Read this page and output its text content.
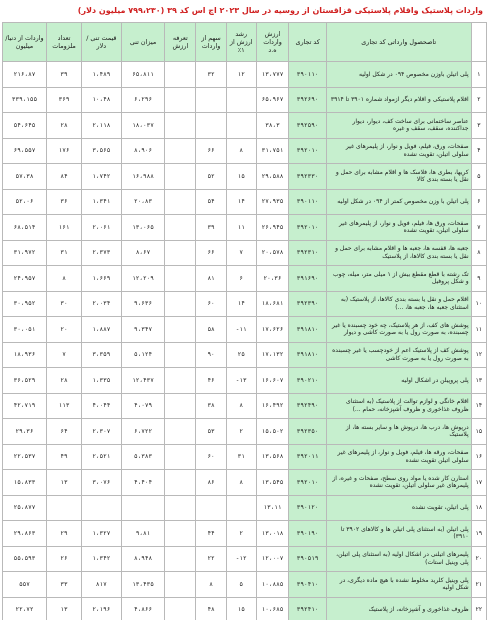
واردات پلاستیک واقلام پلاستیکی قزاقستان از روسیه در سال ۲۰۲۳ اچ اس کد ۳۹ (۷۹۹،۲۳۰ میلیون دلار)
	تاصحصول وارداتی کد تجاری	کد تجاری	ارزش واردات ه.د	رشد ارزش از ۱٪	سهم از واردات	تعرفه ارزش	میزان تنی	قیمت تنی / دلار	تعداد ملزومات	واردات از دنیا/میلیون
۱	پلی اتیلن باوزن مخصوص ۰۹۴ در شکل اولیه	۳۹۰۱۱۰	۱۳،۷۷۷	۱۲	۳۲		۶۵،۸۱۱	۱،۴۸۹	۳۹	۲۱۶،۸۷
۲	اقلام پلاستیکی و اقلام دیگر ازمواد شماره ۳۹۰۱ تا ۳۹۱۴	۳۹۲۶۹۰	۶۵،۹۶۷				۶،۲۹۶	۱۰،۴۸	۳۶۹	۳۳۹،۱۵۵
۳	عناصر ساختمانی برای ساخت کف، دیوار، دیوار جداکننده، سقف، سقف و غیره	۳۹۲۵۹۰	۳۸،۳				۱۸،۰۳۷	۲،۱۱۸	۲۸	۵۴،۶۴۵
۴	صفحات، ورق، فیلم، فویل و نوار، از پلیمرهای غیر سلولی اتیلن، تقویت نشده	۳۹۲۰۱۰	۳۱،۷۵۱	۸	۶۶		۸،۹۰۶	۳،۵۶۵	۱۷۶	۶۹،۵۵۷
۵	کریها، بطری ها، فلاسک ها و اقلام مشابه برای حمل و نقل یا بسته بندی کالا	۳۹۲۳۳۰	۲۹،۵۸۸	۱۵	۵۲		۱۶،۹۸۸	۱،۷۴۲	۸۴	۵۷،۳۸
۶	پلی اتیلن با وزن مخصوص کمتر از ۰۹۴ در شکل اولیه	۳۹۰۱۱۰	۲۷،۹۳۵	۱۴	۵۴		۲۰،۸۳	۱،۳۴۱	۳۶	۵۲،۰۶
۷	صفحات، ورق ها، فیلم، فویل و نوار، از پلیمرهای غیر سلولی اتیلن، تقویت نشده	۳۹۲۰۱۰	۲۶،۹۴۵	۱۱	۳۹		۱۳،۰۶۵	۲،۰۶۱	۱۶۱	۶۸،۵۱۴
۸	جعبه ها، قفسه ها، جعبه ها و اقلام مشابه برای حمل و نقل یا بسته بندی کالاها، از پلاستیک	۳۹۲۳۱۰	۲۰،۵۷۸	۷	۶۶		۸،۶۷	۲،۳۷۳	۳۱	۳۱،۹۷۲
۹	تک رشته با قطع مقطع بیش از ۱ میلی متر، میله، چوب و شکل پروفیل	۳۹۱۶۹۰	۲۰،۳۶	۶	۸۱		۱۲،۲۰۹	۱،۶۶۹	۸	۲۴،۹۵۷
۱۰	اقلام حمل و نقل یا بسته بندی کالاها، از پلاستیک (به استثنای جعبه ها، جعبه ها، ...)	۳۹۲۳۹۰	۱۸،۶۸۱	۱۴	۶۰		۹،۶۳۶	۲،۰۳۴	۳۰	۳۰،۹۵۲
۱۱	پوشش های کف، از هر پلاستیک، چه خود چسبنده یا غیر چسبنده، به صورت رول یا به صورت کاشی و دیوار	۳۹۱۸۱۰	۱۷،۶۲۶	۱۱-	۵۸		۹،۳۴۷	۱،۸۸۷	۲۰	۳۰،۰۵۱
۱۲	پوشش کف از پلاستیک اعم از خودچسب یا غیر چسبنده به صورت رول یا به صورت کاشی	۳۹۱۸۱۰	۱۷،۱۳۲	۲۵	۹۰		۵،۱۲۴	۳،۳۵۹	۷	۱۸،۹۳۶
۱۳	پلی پروپیلن در اشکال اولیه	۳۹۰۲۱۰	۱۶،۶۰۷	۱۳-	۴۶		۱۲،۴۳۷	۱،۳۳۵	۲۸	۳۶،۵۲۹
۱۴	اقلام خانگی و لوازم توالت از پلاستیک (به استثنای ظروف غذاخوری و ظروف آشپزخانه، حمام ...)	۳۹۲۴۹۰	۱۶،۴۹۲	۸	۳۸		۴،۰۷۹	۴،۰۴۴	۱۱۳	۴۲،۷۱۹
۱۵	درپوش ها، درب ها، درپوش ها و سایر بسته ها، از پلاستیک	۳۹۲۳۵۰	۱۵،۵۰۲	۲	۵۳		۶،۷۲۲	۲،۳۰۷	۶۴	۲۹،۳۶
۱۶	صفحات، ورقه ها، فیلم، فویل و نوار، از پلیمرهای غیر سلولی اتیلن تقویت نشده	۳۹۲۰۱۱	۱۳،۵۶۸	۳۱	۶۰		۵،۳۸۳	۲،۵۲۱	۴۹	۲۲،۵۳۷
۱۷	استارن کار شده یا مواد روی سطح، صفحات و غیره، از پلیمرهای غیر سلولی اتیلن، تقویت نشده	۳۹۲۰۱۰	۱۳،۵۴۵	۸	۸۶		۴،۴۰۴	۳،۰۷۶	۱۳	۱۵،۸۳۳
۱۸	پلی اتیلن، تقویت نشده	۳۹۰۱۲۰	۱۳،۱۱							۲۵،۸۷۷
۱۹	پلی اتیلن (به استثنای پلی اتیلن ها و کالاهای ۳۹۰۲ تا ۳۹۱۰)	۳۹۰۱۹۰	۱۳،۰۱۸	۲	۴۴		۹،۸۱	۱،۳۲۷	۲۹	۲۹،۸۶۳
۲۰	پلیمرهای اتیلنی در اشکال اولیه (به استثنای پلی اتیلن، پلی وینیل استات)	۳۹۰۵۱۹	۱۲،۰۰۷	۱۲-	۲۲		۸،۹۴۸	۱،۳۴۲	۲۶	۵۵،۵۹۳
۲۱	پلی وینیل کلرید مخلوط نشده با هیچ ماده دیگری، در شکل اولیه	۳۹۰۴۱۰	۱۰،۸۸۵	۵	۸		۱۳،۴۳۵	۸۱۷	۳۳	۵۵۷
۲۲	ظروف غذاخوری و آشپزخانه، از پلاستیک	۳۹۲۴۱۰	۱۰،۶۸۵	۱۵	۴۸		۴،۸۶۶	۲،۱۹۶	۱۳	۲۲،۷۲
